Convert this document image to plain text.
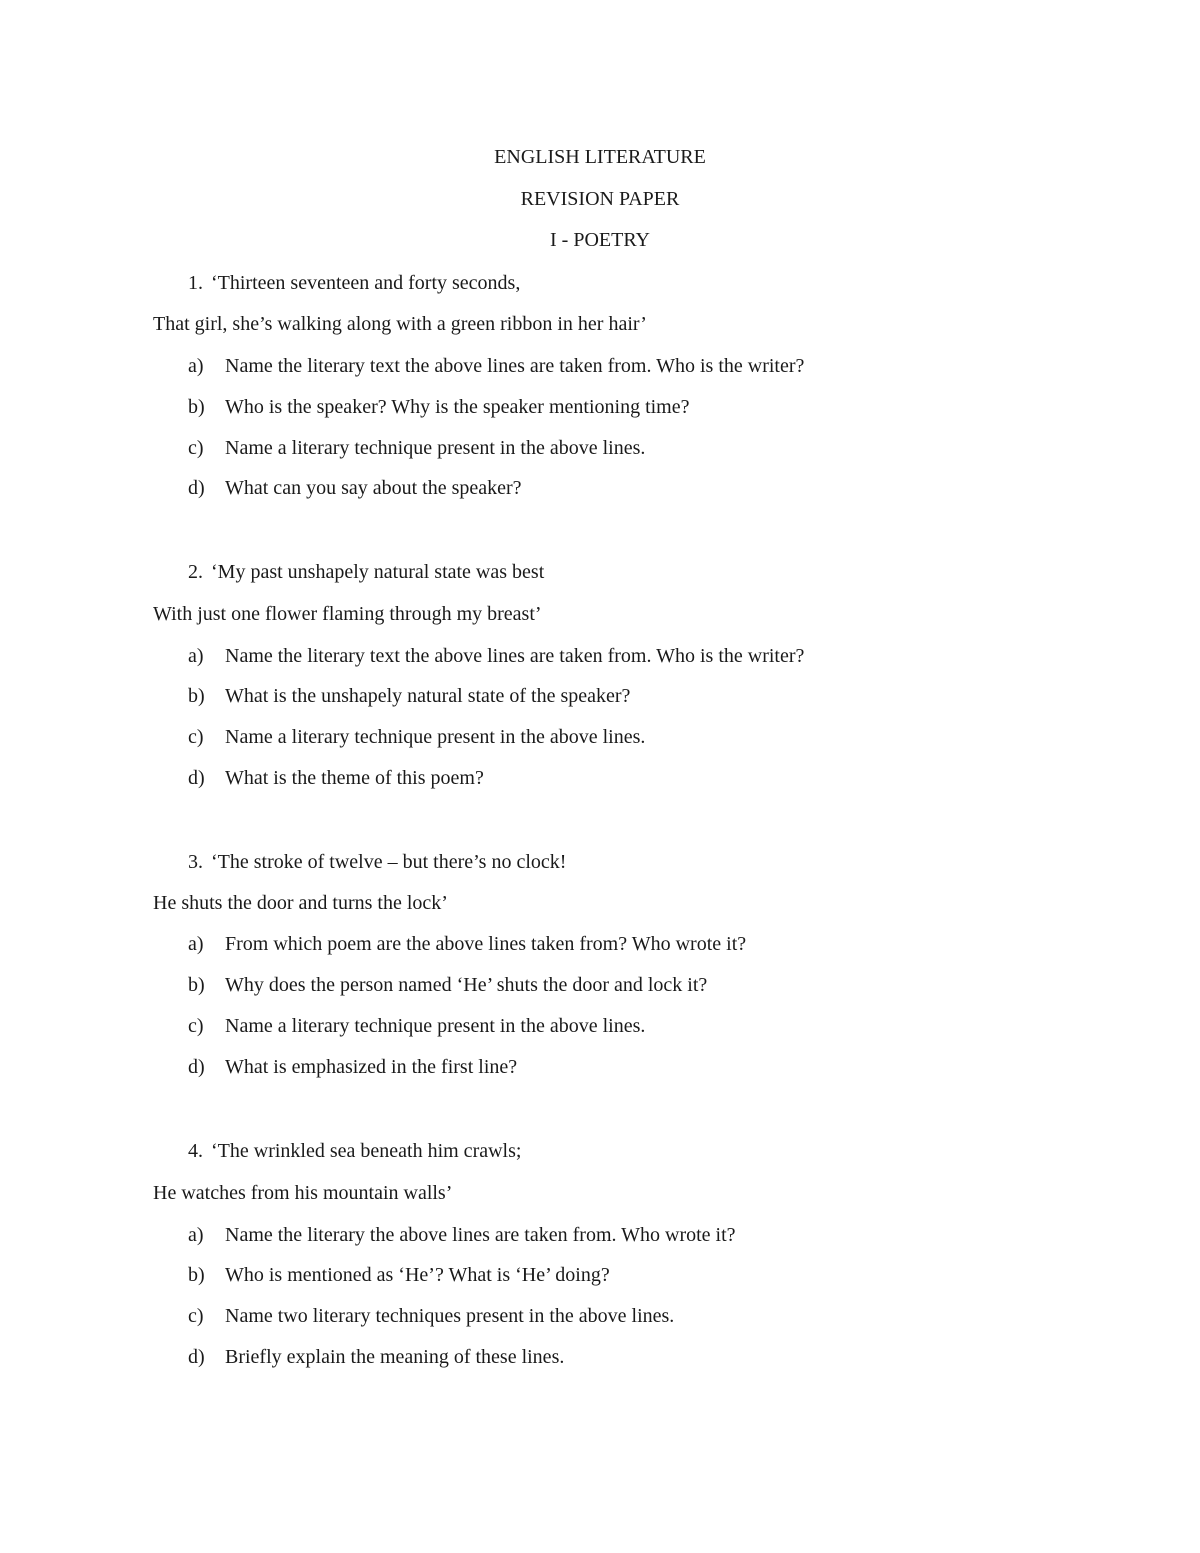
ENGLISH LITERATURE
REVISION PAPER
I - POETRY
1. ‘Thirteen seventeen and forty seconds,
That girl, she’s walking along with a green ribbon in her hair’
a) Name the literary text the above lines are taken from. Who is the writer?
b) Who is the speaker? Why is the speaker mentioning time?
c) Name a literary technique present in the above lines.
d) What can you say about the speaker?
2. ‘My past unshapely natural state was best
With just one flower flaming through my breast’
a) Name the literary text the above lines are taken from. Who is the writer?
b) What is the unshapely natural state of the speaker?
c) Name a literary technique present in the above lines.
d) What is the theme of this poem?
3. ‘The stroke of twelve – but there’s no clock!
He shuts the door and turns the lock’
a) From which poem are the above lines taken from? Who wrote it?
b) Why does the person named ‘He’ shuts the door and lock it?
c) Name a literary technique present in the above lines.
d) What is emphasized in the first line?
4. ‘The wrinkled sea beneath him crawls;
He watches from his mountain walls’
a) Name the literary the above lines are taken from. Who wrote it?
b) Who is mentioned as ‘He’? What is ‘He’ doing?
c) Name two literary techniques present in the above lines.
d) Briefly explain the meaning of these lines.
